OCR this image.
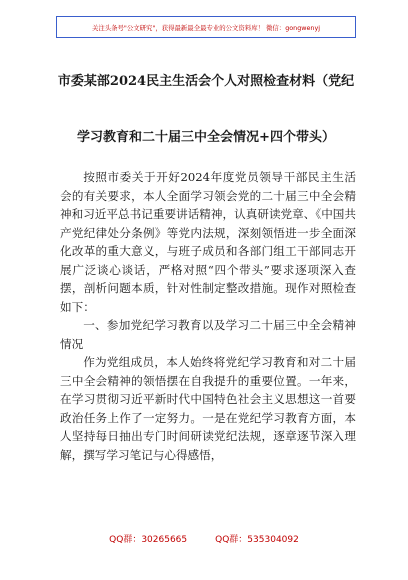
关注头条号"公文研究"，获得最新最全最专业的公文资料库！ 微信：gongwenyj
市委某部2024民主生活会个人对照检查材料（党纪
学习教育和二十届三中全会情况+四个带头）

按照市委关于开好2024年度党员领导干部民主生活会的有关要求，本人全面学习领会党的二十届三中全会精神和习近平总书记重要讲话精神，认真研读党章、《中国共产党纪律处分条例》等党内法规，深刻领悟进一步全面深化改革的重大意义，与班子成员和各部门组工干部同志开展广泛谈心谈话，严格对照“四个带头”要求逐项深入查摆，剖析问题本质，针对性制定整改措施。现作对照检查如下：

一、参加党纪学习教育以及学习二十届三中全会精神情况

作为党组成员，本人始终将党纪学习教育和对二十届三中全会精神的领悟摆在自我提升的重要位置。一年来，在学习贯彻习近平新时代中国特色社会主义思想这一首要政治任务上作了一定努力。一是在党纪学习教育方面，本人坚持每日抽出专门时间研读党纪法规，逐章逐节深入理解，撰写学习笔记与心得感悟，

QQ群：30265665	QQ群：535304092
